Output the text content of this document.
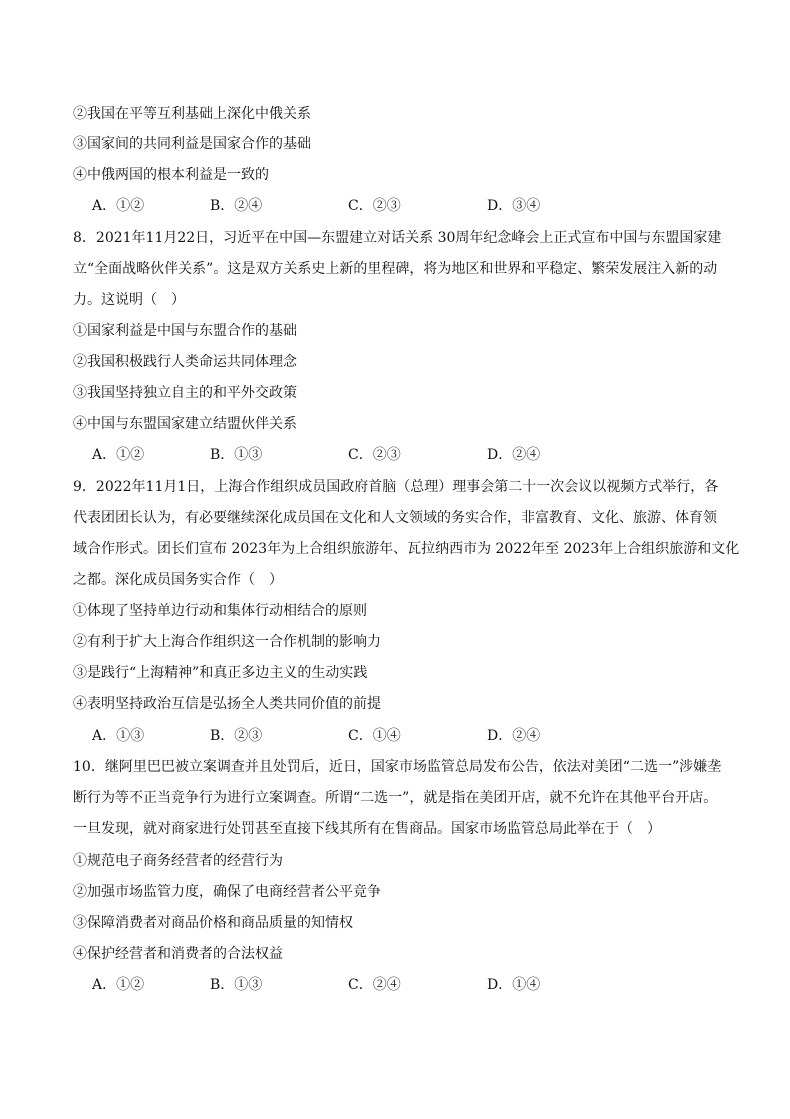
②我国在平等互利基础上深化中俄关系
③国家间的共同利益是国家合作的基础
④中俄两国的根本利益是一致的
A．①②	B．②④	C．②③	D．③④
8．2021年11月22日，习近平在中国—东盟建立对话关系 30周年纪念峰会上正式宣布中国与东盟国家建
立“全面战略伙伴关系”。这是双方关系史上新的里程碑，将为地区和世界和平稳定、繁荣发展注入新的动
力。这说明（　）
①国家利益是中国与东盟合作的基础
②我国积极践行人类命运共同体理念
③我国坚持独立自主的和平外交政策
④中国与东盟国家建立结盟伙伴关系
A．①②	B．①③	C．②③	D．②④
9．2022年11月1日，上海合作组织成员国政府首脑（总理）理事会第二十一次会议以视频方式举行，各
代表团团长认为，有必要继续深化成员国在文化和人文领域的务实合作，非富教育、文化、旅游、体育领
域合作形式。团长们宣布 2023年为上合组织旅游年、瓦拉纳西市为 2022年至 2023年上合组织旅游和文化
之都。深化成员国务实合作（　）
①体现了坚持单边行动和集体行动相结合的原则
②有利于扩大上海合作组织这一合作机制的影响力
③是践行“上海精神”和真正多边主义的生动实践
④表明坚持政治互信是弘扬全人类共同价值的前提
A．①③	B．②③	C．①④	D．②④
10．继阿里巴巴被立案调查并且处罚后，近日，国家市场监管总局发布公告，依法对美团“二选一”涉嫌垄
断行为等不正当竞争行为进行立案调查。所谓“二选一”，就是指在美团开店，就不允许在其他平台开店。
一旦发现，就对商家进行处罚甚至直接下线其所有在售商品。国家市场监管总局此举在于（　）
①规范电子商务经营者的经营行为
②加强市场监管力度，确保了电商经营者公平竞争
③保障消费者对商品价格和商品质量的知情权
④保护经营者和消费者的合法权益
A．①②	B．①③	C．②④	D．①④
